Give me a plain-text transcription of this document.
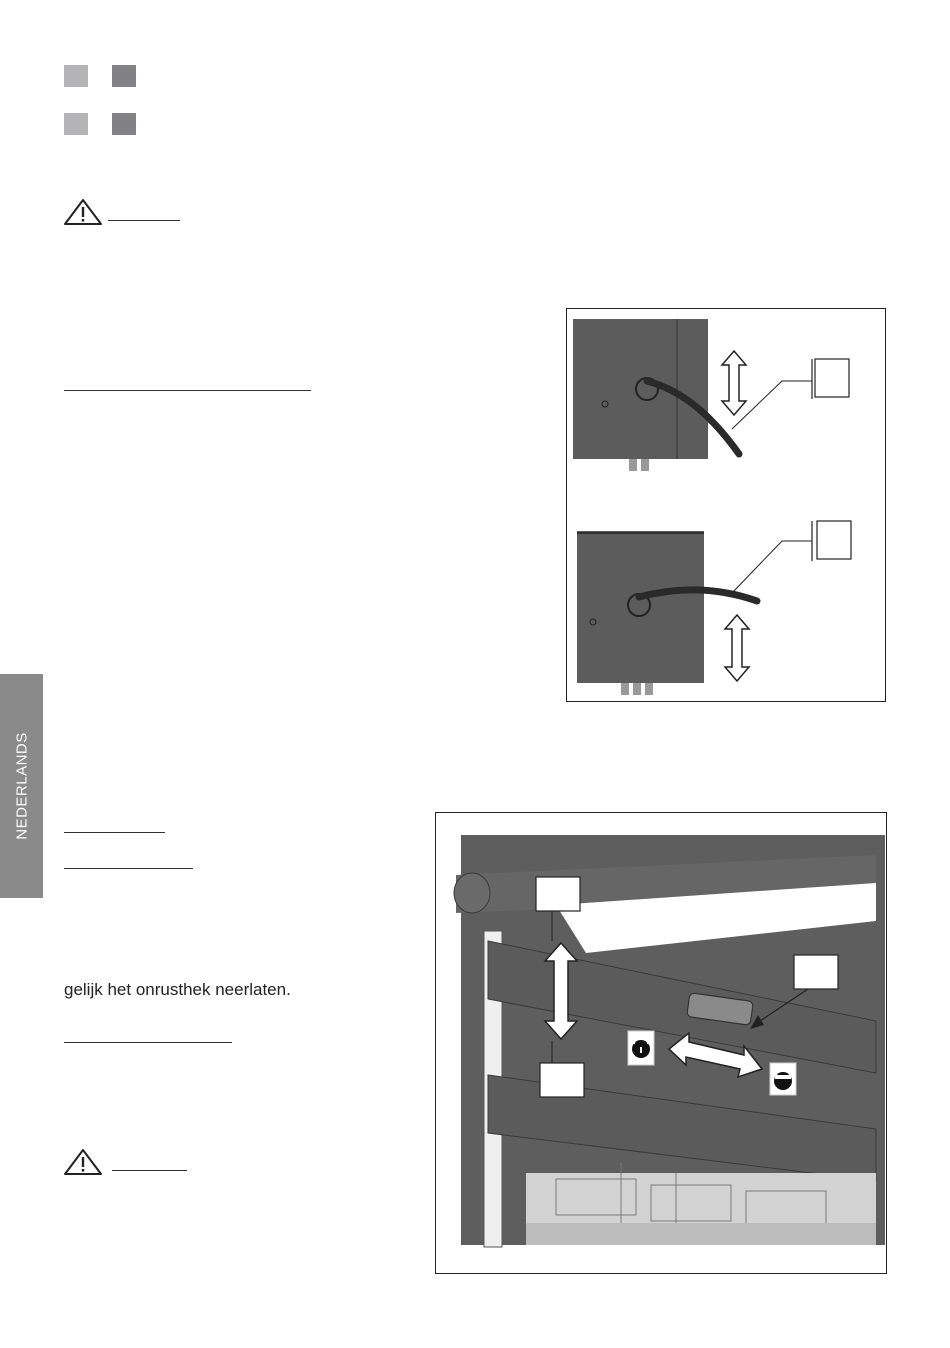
gelijk het onrusthek neerlaten.
NEDERLANDS
